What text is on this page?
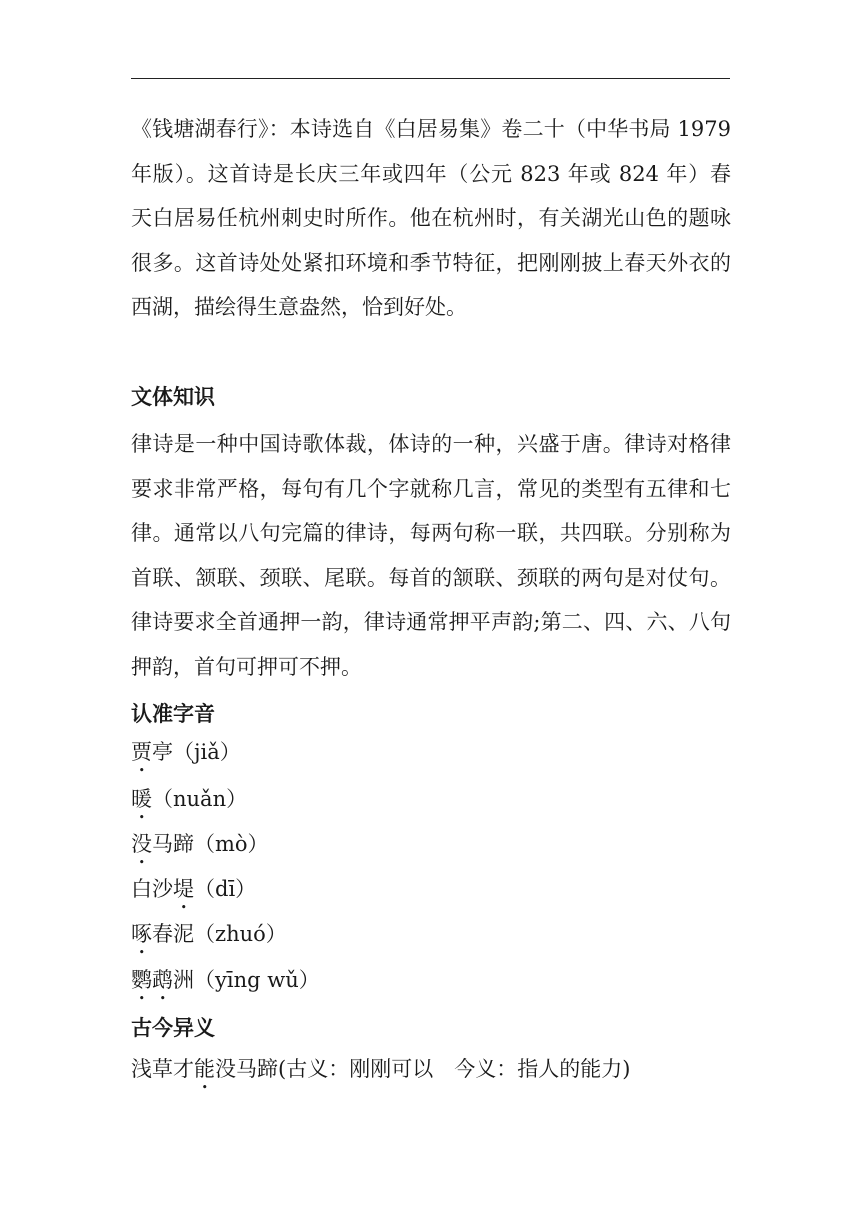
《钱塘湖春行》：本诗选自《白居易集》卷二十（中华书局 1979 年版）。这首诗是长庆三年或四年（公元 823 年或 824 年）春天白居易任杭州刺史时所作。他在杭州时，有关湖光山色的题咏很多。这首诗处处紧扣环境和季节特征，把刚刚披上春天外衣的西湖，描绘得生意盎然，恰到好处。
文体知识
律诗是一种中国诗歌体裁，体诗的一种，兴盛于唐。律诗对格律要求非常严格，每句有几个字就称几言，常见的类型有五律和七律。通常以八句完篇的律诗，每两句称一联，共四联。分别称为首联、颔联、颈联、尾联。每首的颔联、颈联的两句是对仗句。律诗要求全首通押一韵，律诗通常押平声韵;第二、四、六、八句押韵，首句可押可不押。
认准字音
贾亭（jiǎ）
暖（nuǎn）
没马蹄（mò）
白沙堤（dī）
啄春泥（zhuó）
鹦鹉洲（yīng wǔ）
古今异义
浅草才能没马蹄(古义：刚刚可以　今义：指人的能力)
